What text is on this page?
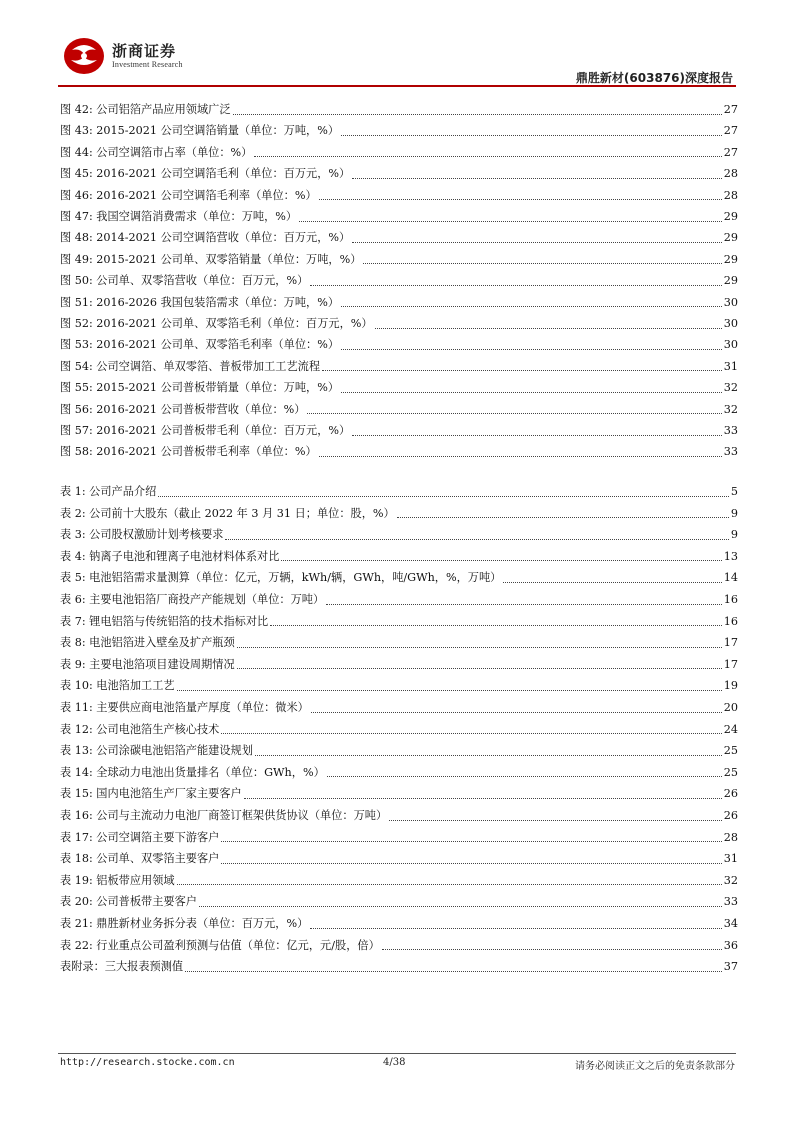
浙商证券
Investment Research
鼎胜新材(603876)深度报告
图 42: 公司铝箔产品应用领域广泛	27
图 43: 2015-2021 公司空调箔销量（单位：万吨，%）	27
图 44: 公司空调箔市占率（单位：%）	27
图 45: 2016-2021 公司空调箔毛利（单位：百万元，%）	28
图 46: 2016-2021 公司空调箔毛利率（单位：%）	28
图 47: 我国空调箔消费需求（单位：万吨，%）	29
图 48: 2014-2021 公司空调箔营收（单位：百万元，%）	29
图 49: 2015-2021 公司单、双零箔销量（单位：万吨，%）	29
图 50: 公司单、双零箔营收（单位：百万元，%）	29
图 51: 2016-2026 我国包装箔需求（单位：万吨，%）	30
图 52: 2016-2021 公司单、双零箔毛利（单位：百万元，%）	30
图 53: 2016-2021 公司单、双零箔毛利率（单位：%）	30
图 54: 公司空调箔、单双零箔、普板带加工工艺流程	31
图 55: 2015-2021 公司普板带销量（单位：万吨，%）	32
图 56: 2016-2021 公司普板带营收（单位：%）	32
图 57: 2016-2021 公司普板带毛利（单位：百万元，%）	33
图 58: 2016-2021 公司普板带毛利率（单位：%）	33
表 1: 公司产品介绍	5
表 2: 公司前十大股东（截止 2022 年 3 月 31 日；单位：股，%）	9
表 3: 公司股权激励计划考核要求	9
表 4: 钠离子电池和锂离子电池材料体系对比	13
表 5: 电池铝箔需求量测算（单位：亿元，万辆，kWh/辆，GWh，吨/GWh，%，万吨）	14
表 6: 主要电池铝箔厂商投产产能规划（单位：万吨）	16
表 7: 锂电铝箔与传统铝箔的技术指标对比	16
表 8: 电池铝箔进入壁垒及扩产瓶颈	17
表 9: 主要电池箔项目建设周期情况	17
表 10: 电池箔加工工艺	19
表 11: 主要供应商电池箔量产厚度（单位：微米）	20
表 12: 公司电池箔生产核心技术	24
表 13: 公司涂碳电池铝箔产能建设规划	25
表 14: 全球动力电池出货量排名（单位：GWh，%）	25
表 15: 国内电池箔生产厂家主要客户	26
表 16: 公司与主流动力电池厂商签订框架供货协议（单位：万吨）	26
表 17: 公司空调箔主要下游客户	28
表 18: 公司单、双零箔主要客户	31
表 19: 铝板带应用领域	32
表 20: 公司普板带主要客户	33
表 21: 鼎胜新材业务拆分表（单位：百万元，%）	34
表 22: 行业重点公司盈利预测与估值（单位：亿元，元/股，倍）	36
表附录：三大报表预测值	37
http://research.stocke.com.cn	4/38	请务必阅读正文之后的免责条款部分
